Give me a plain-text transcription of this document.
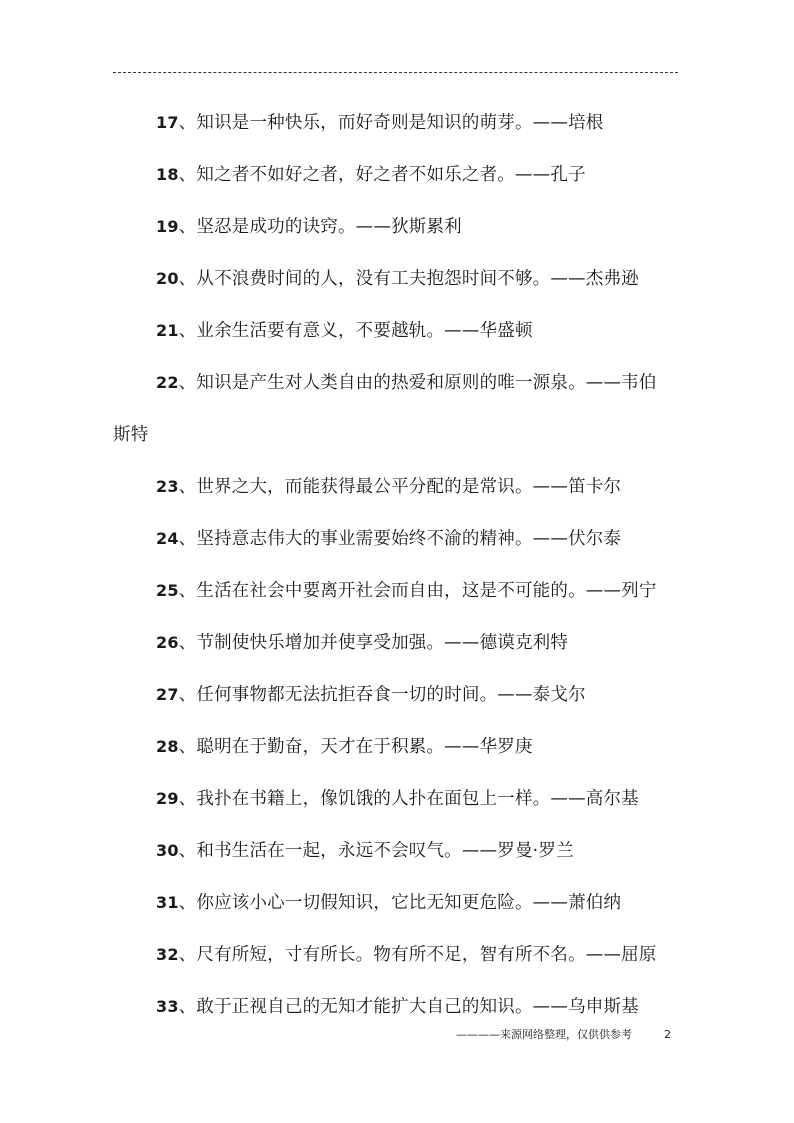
17、知识是一种快乐，而好奇则是知识的萌芽。——培根
18、知之者不如好之者，好之者不如乐之者。——孔子
19、坚忍是成功的诀窍。——狄斯累利
20、从不浪费时间的人，没有工夫抱怨时间不够。——杰弗逊
21、业余生活要有意义，不要越轨。——华盛顿
22、知识是产生对人类自由的热爱和原则的唯一源泉。——韦伯
斯特
23、世界之大，而能获得最公平分配的是常识。——笛卡尔
24、坚持意志伟大的事业需要始终不渝的精神。——伏尔泰
25、生活在社会中要离开社会而自由，这是不可能的。——列宁
26、节制使快乐增加并使享受加强。——德谟克利特
27、任何事物都无法抗拒吞食一切的时间。——泰戈尔
28、聪明在于勤奋，天才在于积累。——华罗庚
29、我扑在书籍上，像饥饿的人扑在面包上一样。——高尔基
30、和书生活在一起，永远不会叹气。——罗曼·罗兰
31、你应该小心一切假知识，它比无知更危险。——萧伯纳
32、尺有所短，寸有所长。物有所不足，智有所不名。——屈原
33、敢于正视自己的无知才能扩大自己的知识。——乌申斯基
————来源网络整理，仅供供参考	2
